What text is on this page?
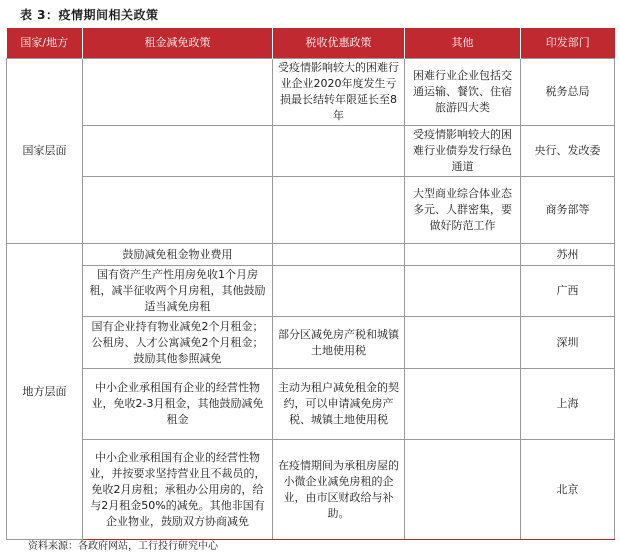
表 3：疫情期间相关政策
国家/地方	租金减免政策	税收优惠政策	其他	印发部门
国家层面		受疫情影响较大的困难行业企业2020年度发生亏损最长结转年限延长至8年	困难行业企业包括交通运输、餐饮、住宿旅游四大类	税务总局
			受疫情影响较大的困难行业债券发行绿色通道	央行、发改委
			大型商业综合体业态多元、人群密集，要做好防范工作	商务部等
地方层面	鼓励减免租金物业费用			苏州
	国有资产生产性用房免收1个月房租，减半征收两个月房租，其他鼓励适当减免房租			广西
	国有企业持有物业减免2个月租金；公租房、人才公寓减免2个月租金；鼓励其他参照减免	部分区减免房产税和城镇土地使用税		深圳
	中小企业承租国有企业的经营性物业，免收2-3月租金，其他鼓励减免租金	主动为租户减免租金的契约，可以申请减免房产税、城镇土地使用税		上海
	中小企业承租国有企业的经营性物业，并按要求坚持营业且不裁员的，免收2月房租；承租办公用房的，给与2月租金50%的减免。其他非国有企业物业，鼓励双方协商减免	在疫情期间为承租房屋的小微企业减免房租的企业，由市区财政给与补助。		北京
资料来源：各政府网站，工行投行研究中心
